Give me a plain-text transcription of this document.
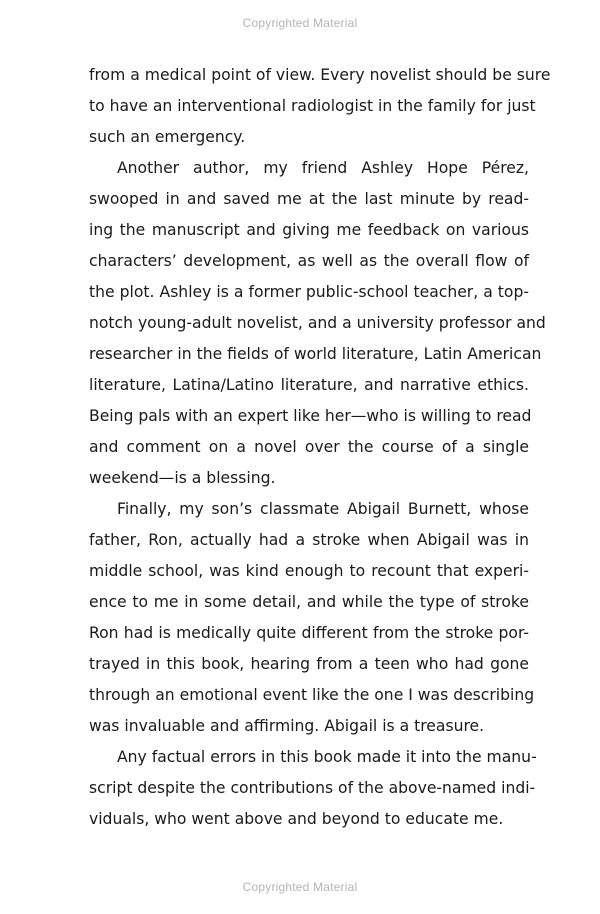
Copyrighted Material
from a medical point of view. Every novelist should be sure
to have an interventional radiologist in the family for just
such an emergency.
Another author, my friend Ashley Hope Pérez,
swooped in and saved me at the last minute by read-
ing the manuscript and giving me feedback on various
characters’ development, as well as the overall flow of
the plot. Ashley is a former public-school teacher, a top-
notch young-adult novelist, and a university professor and
researcher in the fields of world literature, Latin American
literature, Latina/Latino literature, and narrative ethics.
Being pals with an expert like her—who is willing to read
and comment on a novel over the course of a single
weekend—is a blessing.
Finally, my son’s classmate Abigail Burnett, whose
father, Ron, actually had a stroke when Abigail was in
middle school, was kind enough to recount that experi-
ence to me in some detail, and while the type of stroke
Ron had is medically quite different from the stroke por-
trayed in this book, hearing from a teen who had gone
through an emotional event like the one I was describing
was invaluable and affirming. Abigail is a treasure.
Any factual errors in this book made it into the manu-
script despite the contributions of the above-named indi-
viduals, who went above and beyond to educate me.
Copyrighted Material
